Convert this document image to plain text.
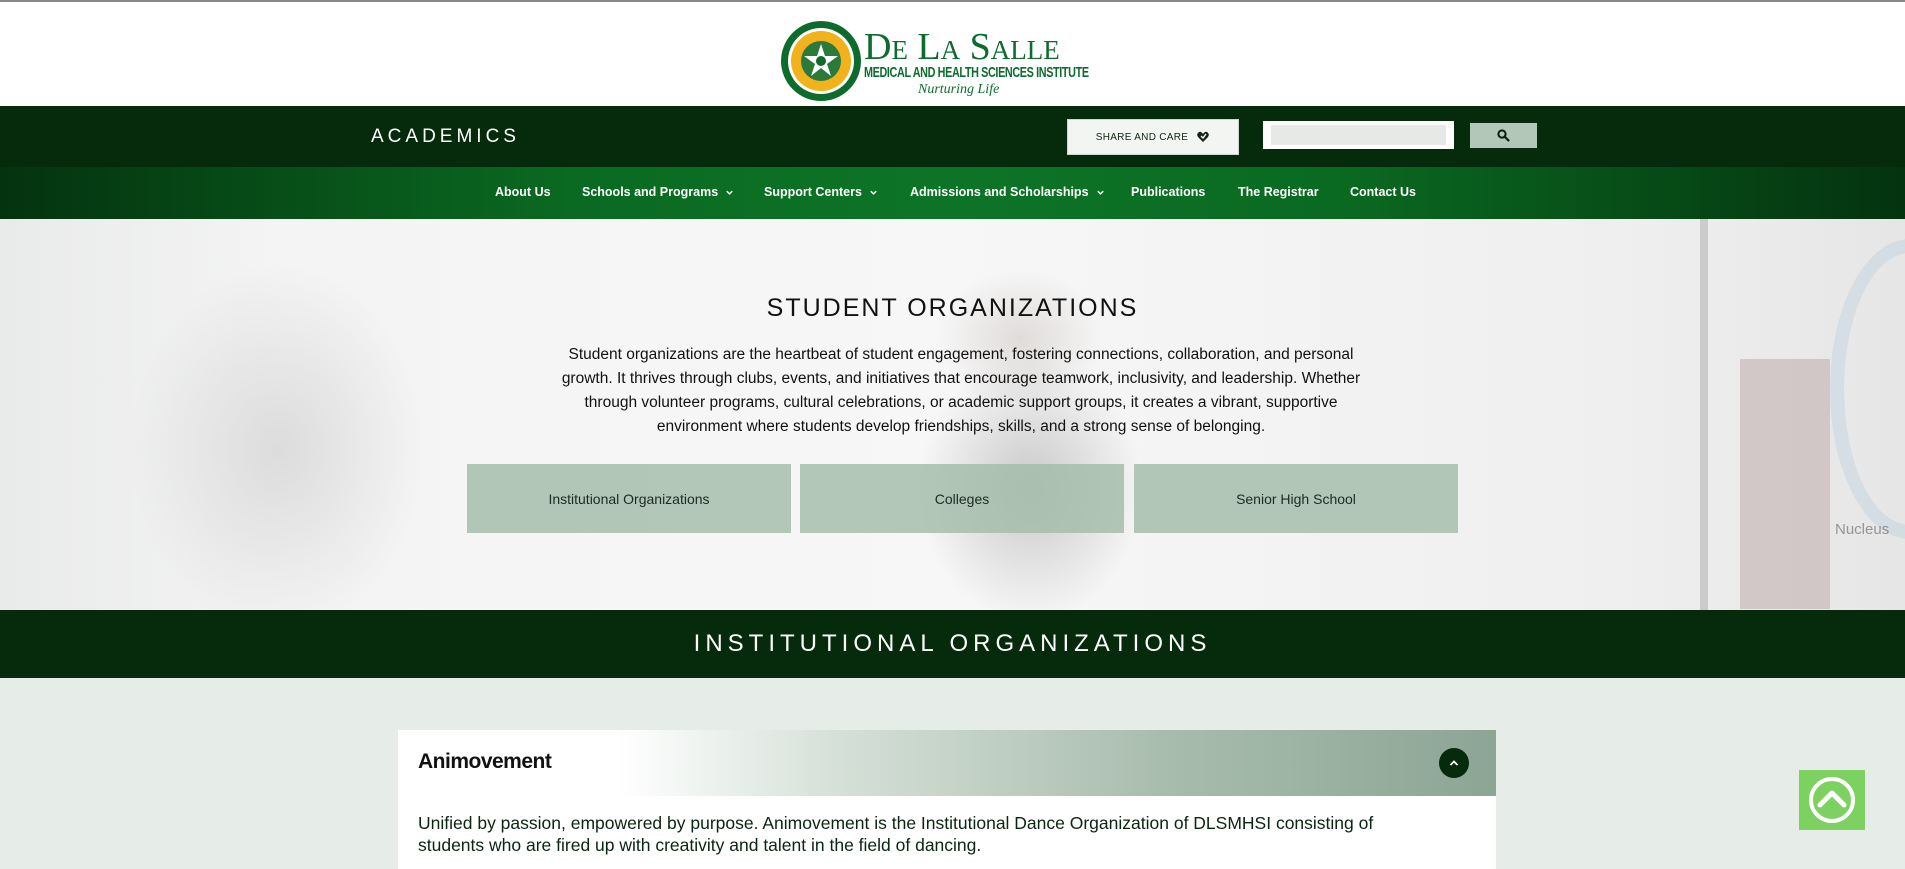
De La Salle
MEDICAL AND HEALTH SCIENCES INSTITUTE
Nurturing Life
ACADEMICS	SHARE AND CARE
About Us	Schools and Programs	Support Centers	Admissions and Scholarships	Publications	The Registrar	Contact Us
Nucleus
STUDENT ORGANIZATIONS
Student organizations are the heartbeat of student engagement, fostering connections, collaboration, and personal growth. It thrives through clubs, events, and initiatives that encourage teamwork, inclusivity, and leadership. Whether through volunteer programs, cultural celebrations, or academic support groups, it creates a vibrant, supportive environment where students develop friendships, skills, and a strong sense of belonging.
Institutional Organizations	Colleges	Senior High School
INSTITUTIONAL ORGANIZATIONS
Animovement
Unified by passion, empowered by purpose. Animovement is the Institutional Dance Organization of DLSMHSI consisting of students who are fired up with creativity and talent in the field of dancing.
